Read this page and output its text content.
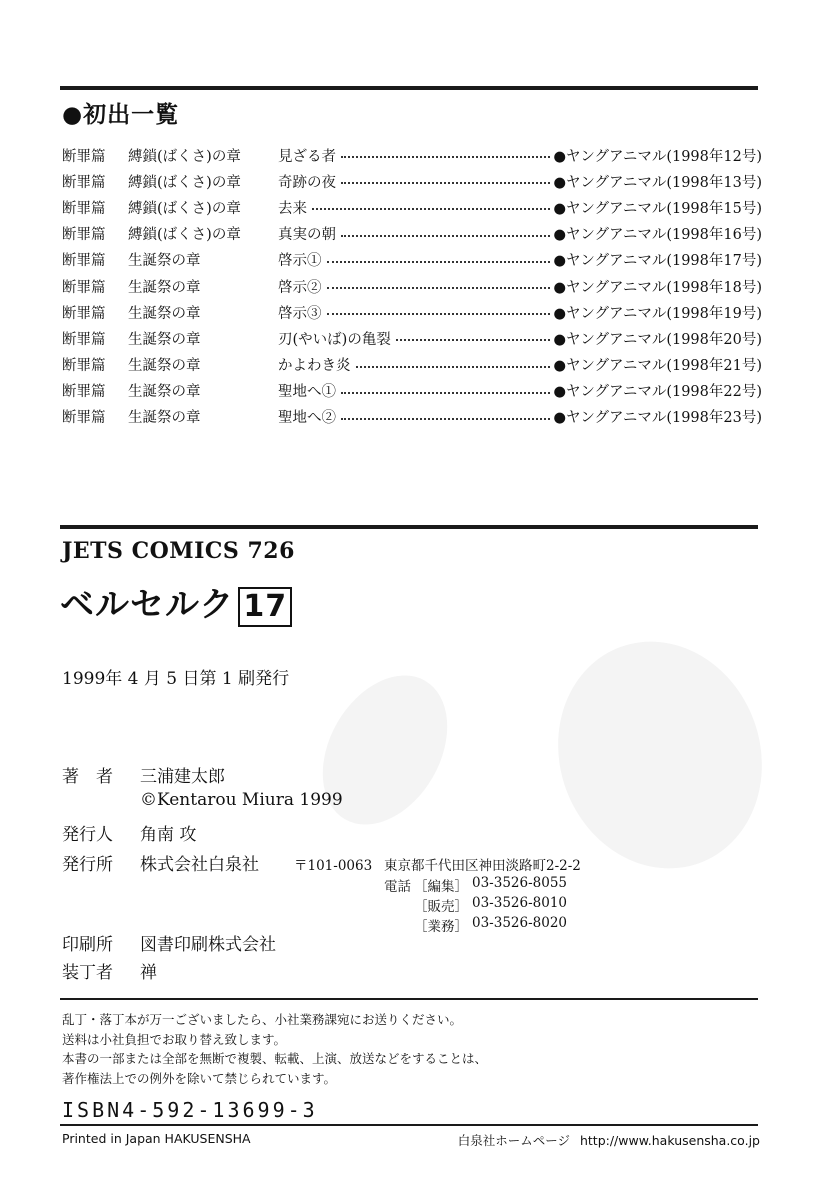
●初出一覧
断罪篇	縛鎖(ばくさ)の章	見ざる者	●ヤングアニマル(1998年12号)
断罪篇	縛鎖(ばくさ)の章	奇跡の夜	●ヤングアニマル(1998年13号)
断罪篇	縛鎖(ばくさ)の章	去来	●ヤングアニマル(1998年15号)
断罪篇	縛鎖(ばくさ)の章	真実の朝	●ヤングアニマル(1998年16号)
断罪篇	生誕祭の章	啓示①	●ヤングアニマル(1998年17号)
断罪篇	生誕祭の章	啓示②	●ヤングアニマル(1998年18号)
断罪篇	生誕祭の章	啓示③	●ヤングアニマル(1998年19号)
断罪篇	生誕祭の章	刃(やいば)の亀裂	●ヤングアニマル(1998年20号)
断罪篇	生誕祭の章	かよわき炎	●ヤングアニマル(1998年21号)
断罪篇	生誕祭の章	聖地へ①	●ヤングアニマル(1998年22号)
断罪篇	生誕祭の章	聖地へ②	●ヤングアニマル(1998年23号)
JETS COMICS 726
ベルセルク 17
1999年 4 月 5 日第 1 刷発行
著　者	三浦建太郎
©Kentarou Miura 1999
発行人	角南 攻
発行所	株式会社白泉社	〒101-0063 東京都千代田区神田淡路町2-2-2
電話 ［編集］ 03-3526-8055
［販売］ 03-3526-8010
［業務］ 03-3526-8020
印刷所	図書印刷株式会社
装丁者	禅
乱丁・落丁本が万一ございましたら、小社業務課宛にお送りください。
送料は小社負担でお取り替え致します。
本書の一部または全部を無断で複製、転載、上演、放送などをすることは、
著作権法上での例外を除いて禁じられています。
ISBN4-592-13699-3
Printed in Japan HAKUSENSHA	白泉社ホームページ http://www.hakusensha.co.jp
